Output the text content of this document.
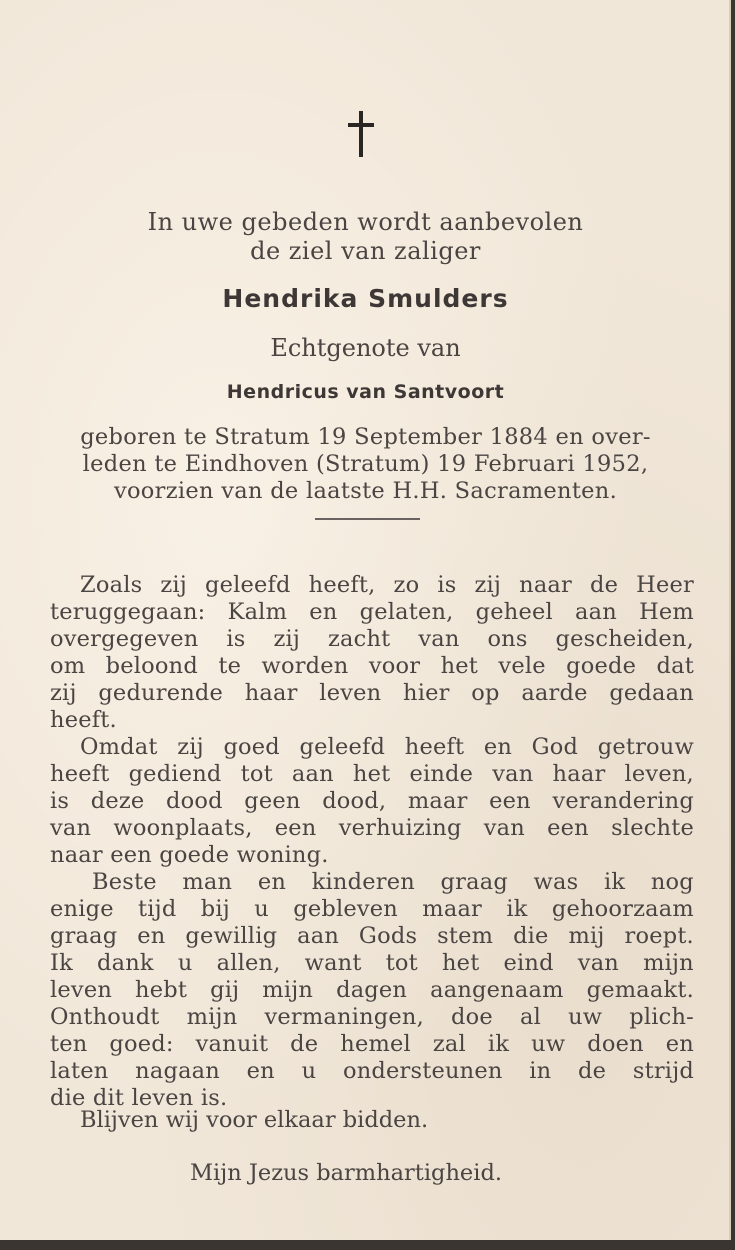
In uwe gebeden wordt aanbevolen
de ziel van zaliger
Hendrika Smulders
Echtgenote van
Hendricus van Santvoort
geboren te Stratum 19 September 1884 en over-
leden te Eindhoven (Stratum) 19 Februari 1952,
voorzien van de laatste H.H. Sacramenten.
Zoals zij geleefd heeft, zo is zij naar de Heer
teruggegaan: Kalm en gelaten, geheel aan Hem
overgegeven is zij zacht van ons gescheiden,
om beloond te worden voor het vele goede dat
zij gedurende haar leven hier op aarde gedaan
heeft.
Omdat zij goed geleefd heeft en God getrouw
heeft gediend tot aan het einde van haar leven,
is deze dood geen dood, maar een verandering
van woonplaats, een verhuizing van een slechte
naar een goede woning.
Beste man en kinderen graag was ik nog
enige tijd bij u gebleven maar ik gehoorzaam
graag en gewillig aan Gods stem die mij roept.
Ik dank u allen, want tot het eind van mijn
leven hebt gij mijn dagen aangenaam gemaakt.
Onthoudt mijn vermaningen, doe al uw plich-
ten goed: vanuit de hemel zal ik uw doen en
laten nagaan en u ondersteunen in de strijd
die dit leven is.
Blijven wij voor elkaar bidden.
Mijn Jezus barmhartigheid.
